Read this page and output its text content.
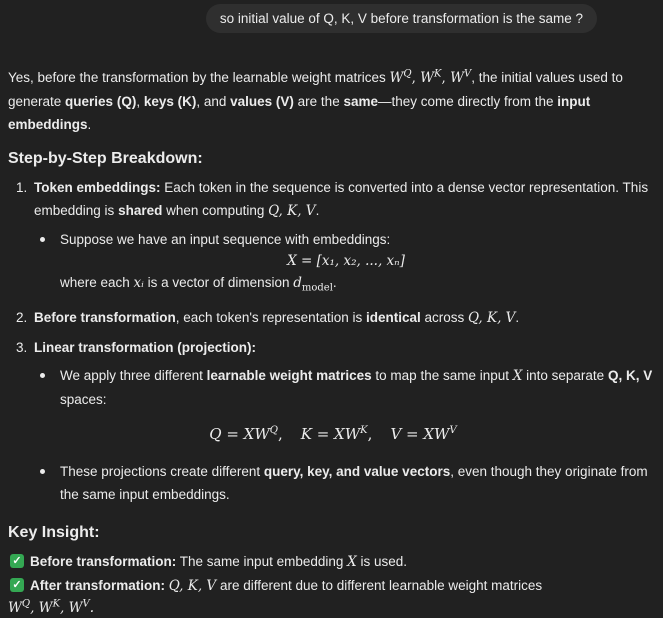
so initial value of Q, K, V before transformation is the same ?

Yes, before the transformation by the learnable weight matrices $W^Q$, $W^K$, $W^V$, the initial values used to generate queries (Q), keys (K), and values (V) are the same—they come directly from the input embeddings.

Step-by-Step Breakdown:
1. Token embeddings: Each token in the sequence is converted into a dense vector representation. This embedding is shared when computing Q, K, V.
Suppose we have an input sequence with embeddings:
X = [x₁, x₂, ..., xₙ]
where each xᵢ is a vector of dimension $d_{model}$.
2. Before transformation, each token's representation is identical across Q, K, V.
3. Linear transformation (projection):
We apply three different learnable weight matrices to map the same input X into separate Q, K, V spaces:
$Q = XW^Q$, $K = XW^K$, $V = XW^V$
These projections create different query, key, and value vectors, even though they originate from the same input embeddings.
Key Insight:
✓ Before transformation: The same input embedding X is used.
✓ After transformation: Q, K, V are different due to different learnable weight matrices
$W^Q$, $W^K$, $W^V$.
